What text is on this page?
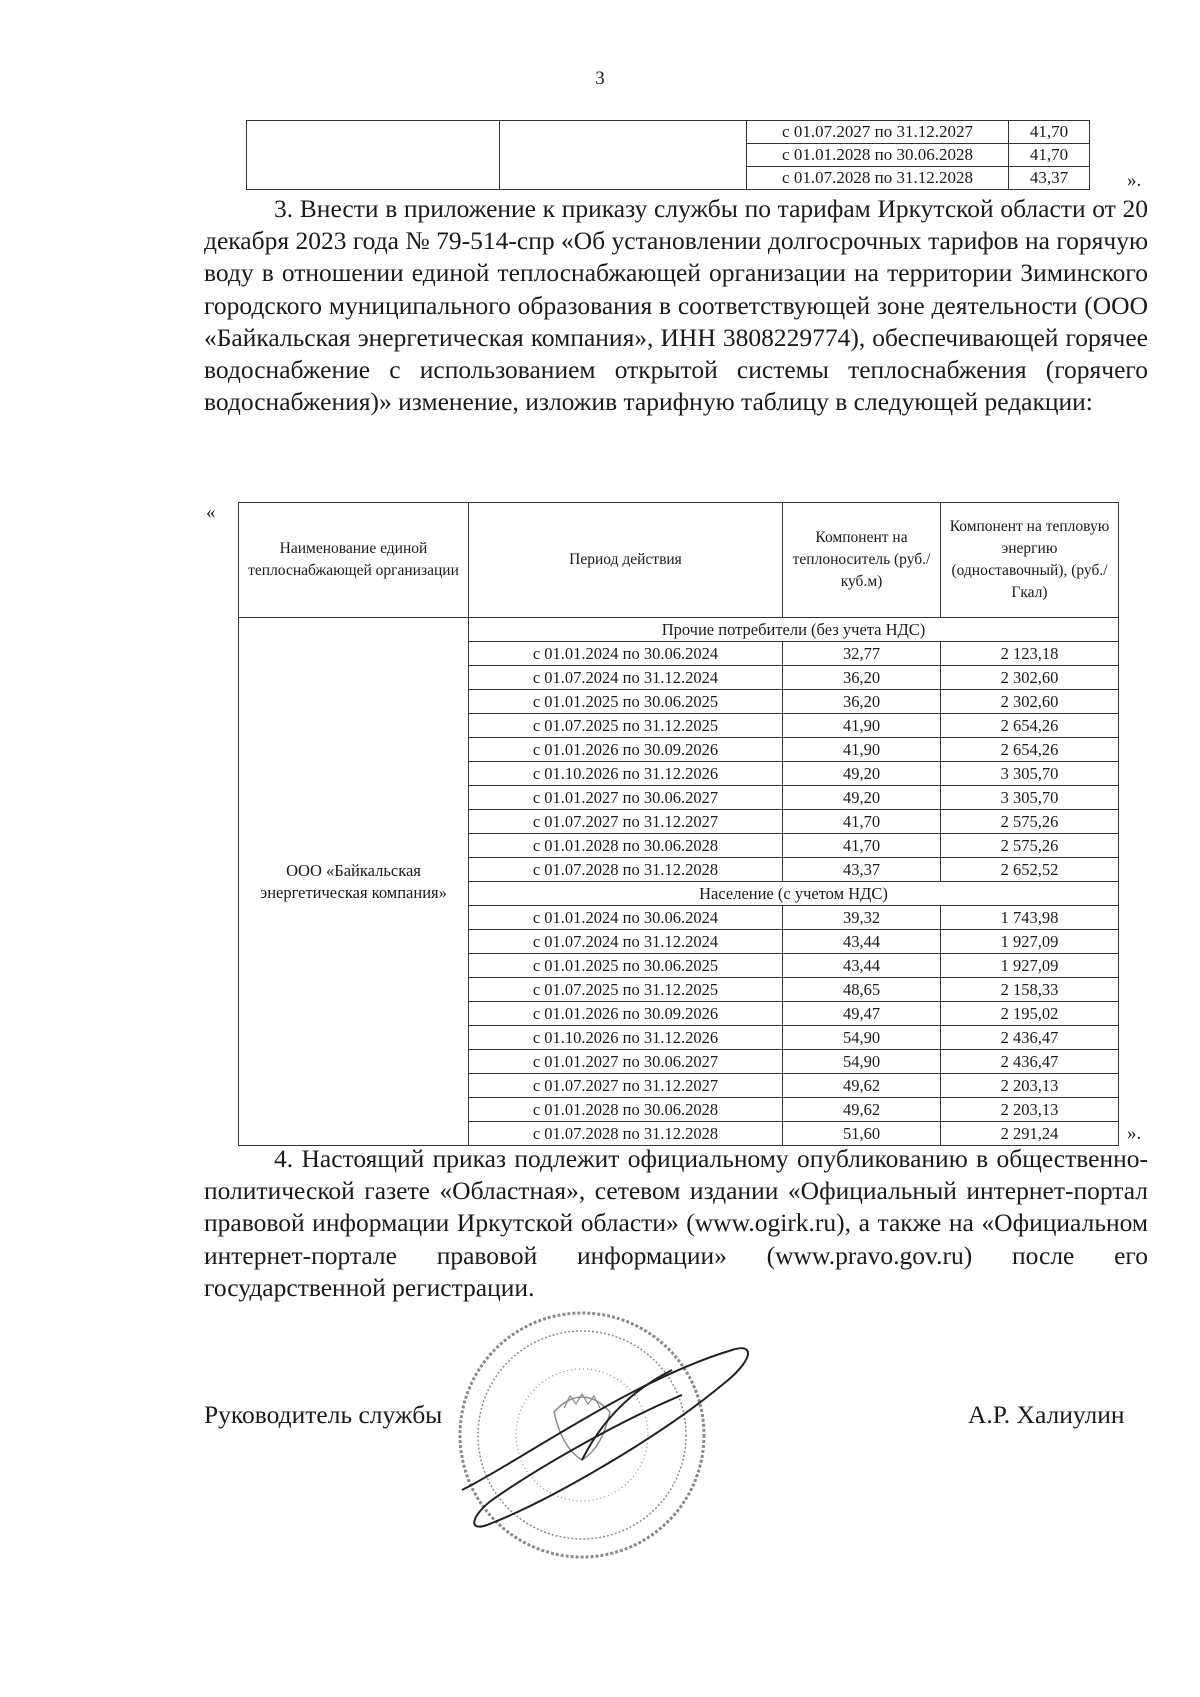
3
		с 01.07.2027 по 31.12.2027	41,70
		с 01.01.2028 по 30.06.2028	41,70
		с 01.07.2028 по 31.12.2028	43,37	».

3. Внести в приложение к приказу службы по тарифам Иркутской области от 20 декабря 2023 года № 79-514-спр «Об установлении долгосрочных тарифов на горячую воду в отношении единой теплоснабжающей организации на территории Зиминского городского муниципального образования в соответствующей зоне деятельности (ООО «Байкальская энергетическая компания», ИНН 3808229774), обеспечивающей горячее водоснабжение с использованием открытой системы теплоснабжения (горячего водоснабжения)» изменение, изложив тарифную таблицу в следующей редакции:

«
Наименование единой теплоснабжающей организации	Период действия	Компонент на теплоноситель (руб./куб.м)	Компонент на тепловую энергию (одноставочный), (руб./Гкал)
ООО «Байкальская энергетическая компания»	Прочие потребители (без учета НДС)		
	с 01.01.2024 по 30.06.2024	32,77	2 123,18
	с 01.07.2024 по 31.12.2024	36,20	2 302,60
	с 01.01.2025 по 30.06.2025	36,20	2 302,60
	с 01.07.2025 по 31.12.2025	41,90	2 654,26
	с 01.01.2026 по 30.09.2026	41,90	2 654,26
	с 01.10.2026 по 31.12.2026	49,20	3 305,70
	с 01.01.2027 по 30.06.2027	49,20	3 305,70
	с 01.07.2027 по 31.12.2027	41,70	2 575,26
	с 01.01.2028 по 30.06.2028	41,70	2 575,26
	с 01.07.2028 по 31.12.2028	43,37	2 652,52
	Население (с учетом НДС)		
	с 01.01.2024 по 30.06.2024	39,32	1 743,98
	с 01.07.2024 по 31.12.2024	43,44	1 927,09
	с 01.01.2025 по 30.06.2025	43,44	1 927,09
	с 01.07.2025 по 31.12.2025	48,65	2 158,33
	с 01.01.2026 по 30.09.2026	49,47	2 195,02
	с 01.10.2026 по 31.12.2026	54,90	2 436,47
	с 01.01.2027 по 30.06.2027	54,90	2 436,47
	с 01.07.2027 по 31.12.2027	49,62	2 203,13
	с 01.01.2028 по 30.06.2028	49,62	2 203,13
	с 01.07.2028 по 31.12.2028	51,60	2 291,24	».

4. Настоящий приказ подлежит официальному опубликованию в общественно-политической газете «Областная», сетевом издании «Официальный интернет-портал правовой информации Иркутской области» (www.ogirk.ru), а также на «Официальном интернет-портале правовой информации» (www.pravo.gov.ru) после его государственной регистрации.

Руководитель службы	А.Р. Халиулин
